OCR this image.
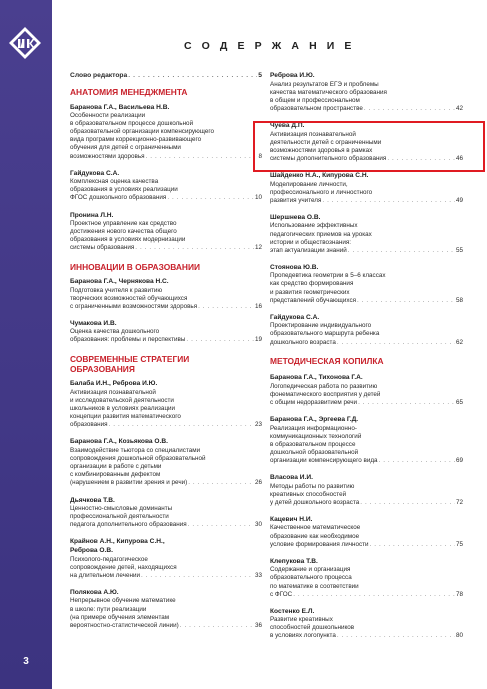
3
С О Д Е Р Ж А Н И Е
Слово редактора . . .	5
АНАТОМИЯ МЕНЕДЖМЕНТА
Баранова Г.А., Васильева Н.В.
Особенности реализации
в образовательном процессе дошкольной
образовательной организации компенсирующего
вида программ коррекционно-развивающего
обучения для детей с ограниченными
возможностями здоровья . . .	8
Гайдукова С.А.
Комплексная оценка качества
образования в условиях реализации
ФГОС дошкольного образования . . .	10
Пронина Л.Н.
Проектное управление как средство
достижения нового качества общего
образования в условиях модернизации
системы образования . . .	12
ИННОВАЦИИ В ОБРАЗОВАНИИ
Баранова Г.А., Чернякова Н.С.
Подготовка учителя к развитию
творческих возможностей обучающихся
с ограниченными возможностями здоровья . . .	16
Чумакова И.В.
Оценка качества дошкольного
образования: проблемы и перспективы . . .	19
СОВРЕМЕННЫЕ СТРАТЕГИИ
ОБРАЗОВАНИЯ
Балаба И.Н., Реброва И.Ю.
Активизация познавательной
и исследовательской деятельности
школьников в условиях реализации
концепции развития математического
образования . . .	23
Баранова Г.А., Козьякова О.В.
Взаимодействие тьютора со специалистами
сопровождения дошкольной образовательной
организации в работе с детьми
с комбинированным дефектом
(нарушением в развитии зрения и речи) . . .	26
Дьячкова Т.В.
Ценностно-смысловые доминанты
профессиональной деятельности
педагога дополнительного образования . . .	30
Крайнов А.Н., Кипурова С.Н.,
Реброва О.В.
Психолого-педагогическое
сопровождение детей, находящихся
на длительном лечении . . .	33
Полякова А.Ю.
Непрерывное обучение математике
в школе: пути реализации
(на примере обучения элементам
вероятностно-статистической линии) . . .	36
Реброва И.Ю.
Анализ результатов ЕГЭ и проблемы
качества математического образования
в общем и профессиональном
образовательном пространстве . . .	42
Чуева Д.П.
Активизация познавательной
деятельности детей с ограниченными
возможностями здоровья в рамках
системы дополнительного образования . . .	46
Шайденко Н.А., Кипурова С.Н.
Моделирование личности,
профессионального и личностного
развития учителя . . .	49
Шершнева О.В.
Использование эффективных
педагогических приемов на уроках
истории и обществознания:
этап актуализации знаний . . .	55
Стоянова Ю.В.
Пропедевтика геометрии в 5–6 классах
как средство формирования
и развития геометрических
представлений обучающихся . . .	58
Гайдукова С.А.
Проектирование индивидуального
образовательного маршрута ребенка
дошкольного возраста . . .	62
МЕТОДИЧЕСКАЯ КОПИЛКА
Баранова Г.А., Тихонова Г.А.
Логопедическая работа по развитию
фонематического восприятия у детей
с общим недоразвитием речи . . .	65
Баранова Г.А., Эргеева Г.Д.
Реализация информационно-
коммуникационных технологий
в образовательном процессе
дошкольной образовательной
организации компенсирующего вида . . .	69
Власова И.И.
Методы работы по развитию
креативных способностей
у детей дошкольного возраста . . .	72
Кацевич Н.И.
Качественное математическое
образование как необходимое
условие формирования личности . . .	75
Клепукова Т.В.
Содержание и организация
образовательного процесса
по математике в соответствии
с ФГОС . . .	78
Костенко Е.Л.
Развитие креативных
способностей дошкольников
в условиях логопункта . . .	80
